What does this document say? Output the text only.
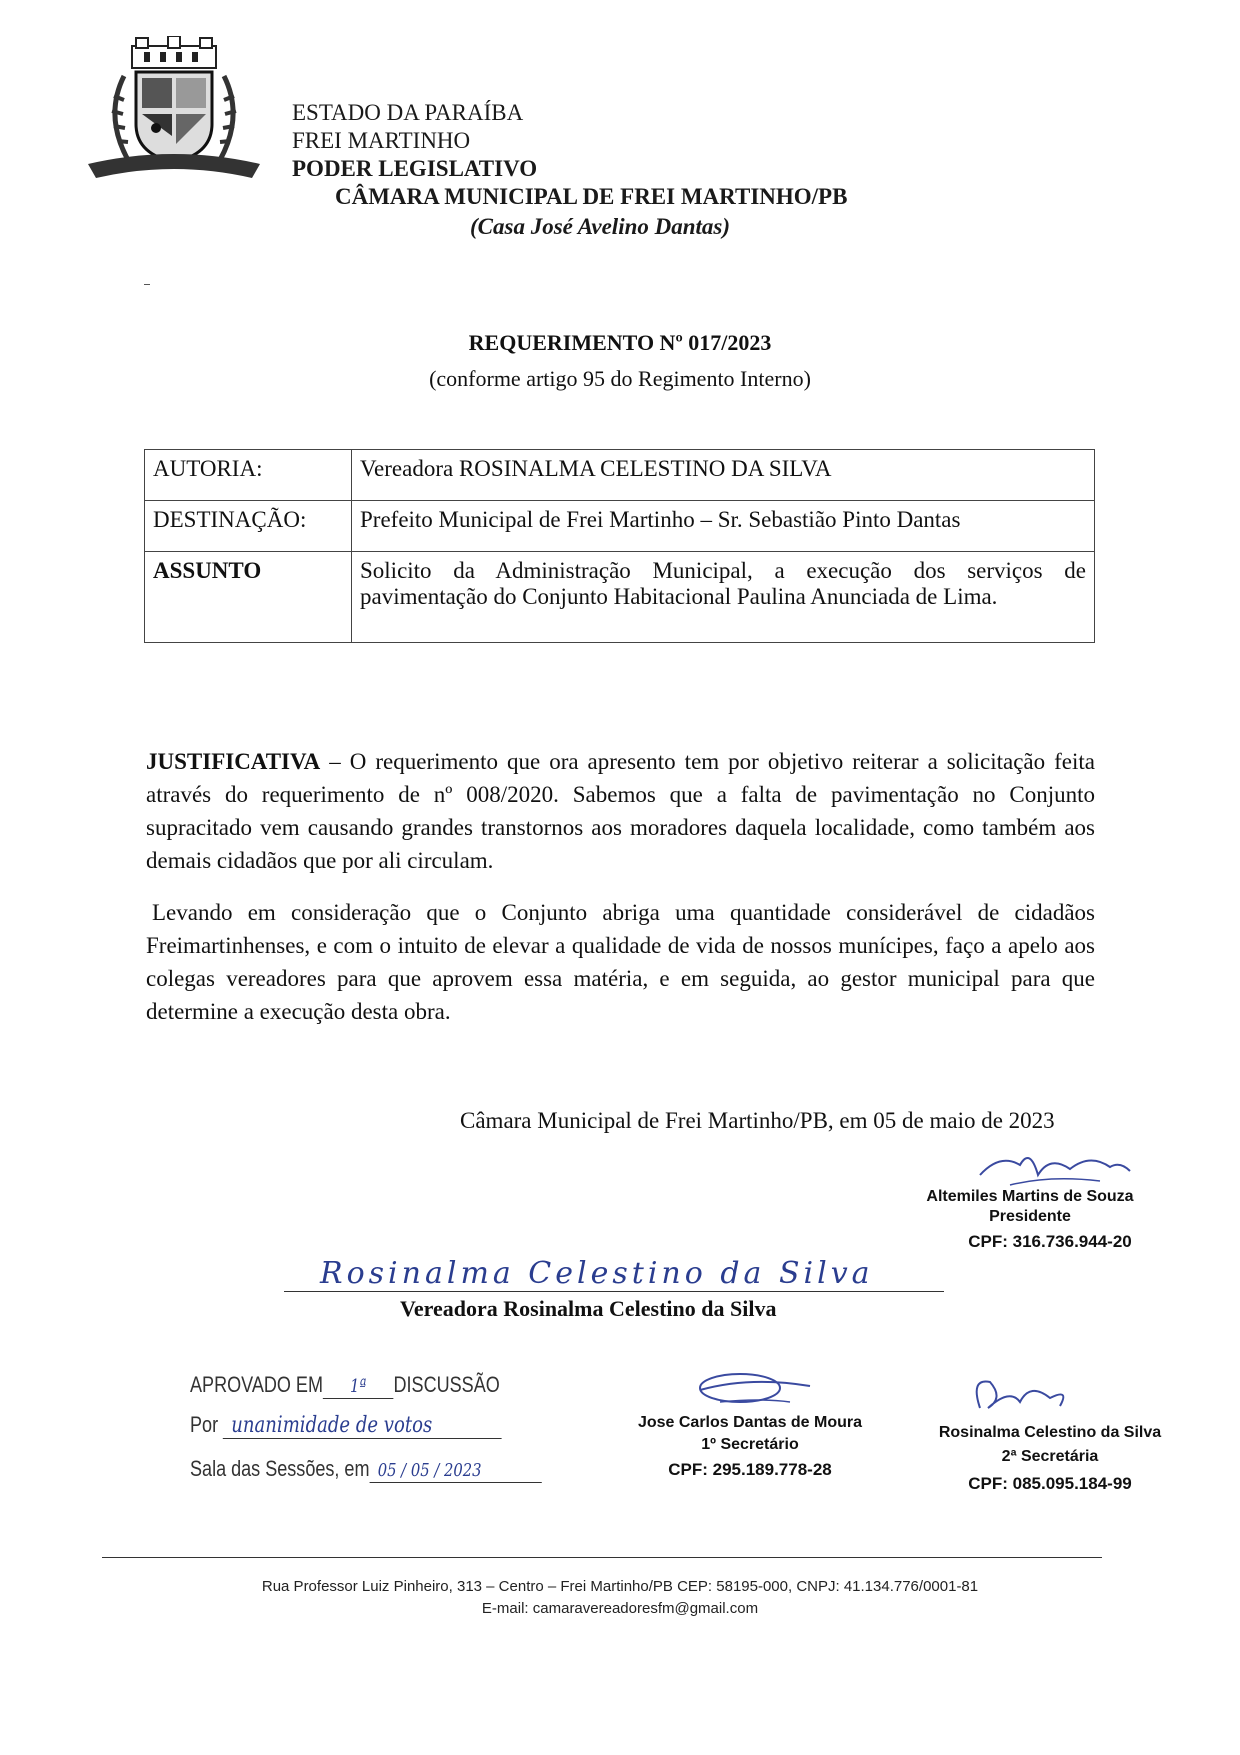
ESTADO DA PARAÍBA
FREI MARTINHO
PODER LEGISLATIVO
CÂMARA MUNICIPAL DE FREI MARTINHO/PB
(Casa José Avelino Dantas)
REQUERIMENTO Nº 017/2023
(conforme artigo 95 do Regimento Interno)
AUTORIA:	Vereadora ROSINALMA CELESTINO DA SILVA
DESTINAÇÃO:	Prefeito Municipal de Frei Martinho – Sr. Sebastião Pinto Dantas
ASSUNTO	Solicito da Administração Municipal, a execução dos serviços de pavimentação do Conjunto Habitacional Paulina Anunciada de Lima.
JUSTIFICATIVA – O requerimento que ora apresento tem por objetivo reiterar a solicitação feita através do requerimento de nº 008/2020. Sabemos que a falta de pavimentação no Conjunto supracitado vem causando grandes transtornos aos moradores daquela localidade, como também aos demais cidadãos que por ali circulam.
Levando em consideração que o Conjunto abriga uma quantidade considerável de cidadãos Freimartinhenses, e com o intuito de elevar a qualidade de vida de nossos munícipes, faço a apelo aos colegas vereadores para que aprovem essa matéria, e em seguida, ao gestor municipal para que determine a execução desta obra.
Câmara Municipal de Frei Martinho/PB, em 05 de maio de 2023
Altemiles Martins de Souza
Presidente
CPF: 316.736.944-20
Rosinalma Celestino da Silva
Vereadora Rosinalma Celestino da Silva
APROVADO EM 1ª DISCUSSÃO
Por unanimidade de votos
Sala das Sessões, em 05 / 05 / 2023
Jose Carlos Dantas de Moura
1º Secretário
CPF: 295.189.778-28
Rosinalma Celestino da Silva
2ª Secretária
CPF: 085.095.184-99
Rua Professor Luiz Pinheiro, 313 – Centro – Frei Martinho/PB CEP: 58195-000, CNPJ: 41.134.776/0001-81
E-mail: camaravereadoresfm@gmail.com
